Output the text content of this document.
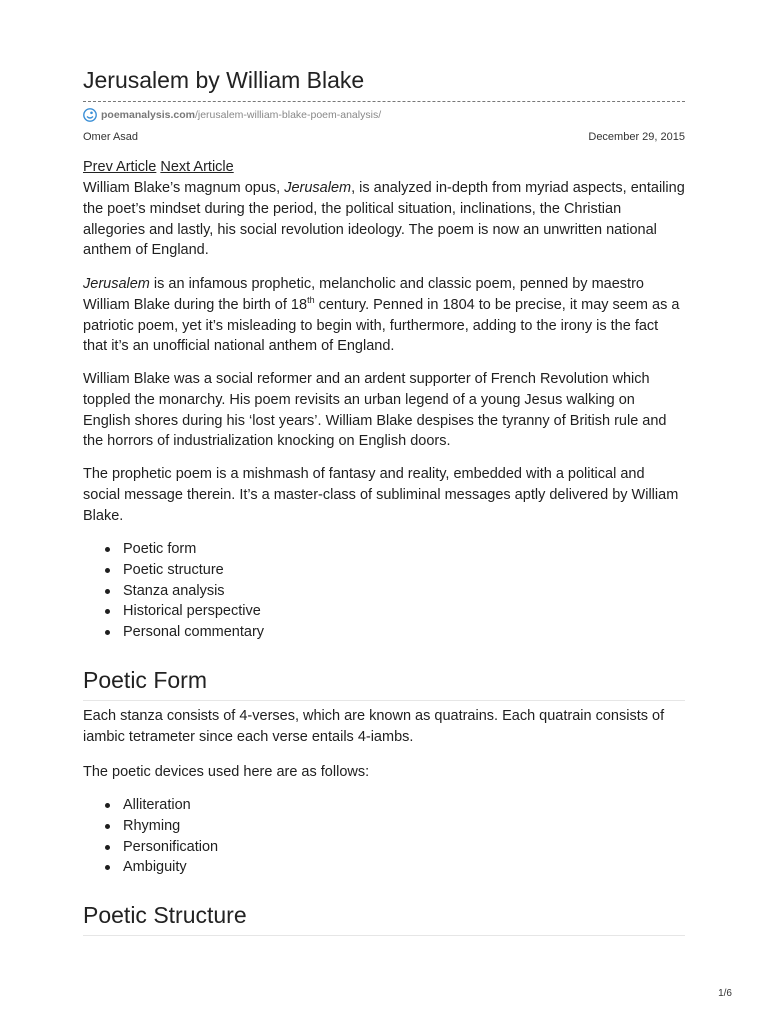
Jerusalem by William Blake
poemanalysis.com /jerusalem-william-blake-poem-analysis/
Omer Asad	December 29, 2015
Prev Article Next Article

William Blake’s magnum opus, Jerusalem, is analyzed in-depth from myriad aspects, entailing the poet’s mindset during the period, the political situation, inclinations, the Christian allegories and lastly, his social revolution ideology. The poem is now an unwritten national anthem of England.

Jerusalem is an infamous prophetic, melancholic and classic poem, penned by maestro William Blake during the birth of 18th century. Penned in 1804 to be precise, it may seem as a patriotic poem, yet it’s misleading to begin with, furthermore, adding to the irony is the fact that it’s an unofficial national anthem of England.

William Blake was a social reformer and an ardent supporter of French Revolution which toppled the monarchy. His poem revisits an urban legend of a young Jesus walking on English shores during his ‘lost years’. William Blake despises the tyranny of British rule and the horrors of industrialization knocking on English doors.

The prophetic poem is a mishmash of fantasy and reality, embedded with a political and social message therein. It’s a master-class of subliminal messages aptly delivered by William Blake.

Poetic form
Poetic structure
Stanza analysis
Historical perspective
Personal commentary
Poetic Form

Each stanza consists of 4-verses, which are known as quatrains. Each quatrain consists of iambic tetrameter since each verse entails 4-iambs.

The poetic devices used here are as follows:

Alliteration
Rhyming
Personification
Ambiguity
Poetic Structure
1/6
